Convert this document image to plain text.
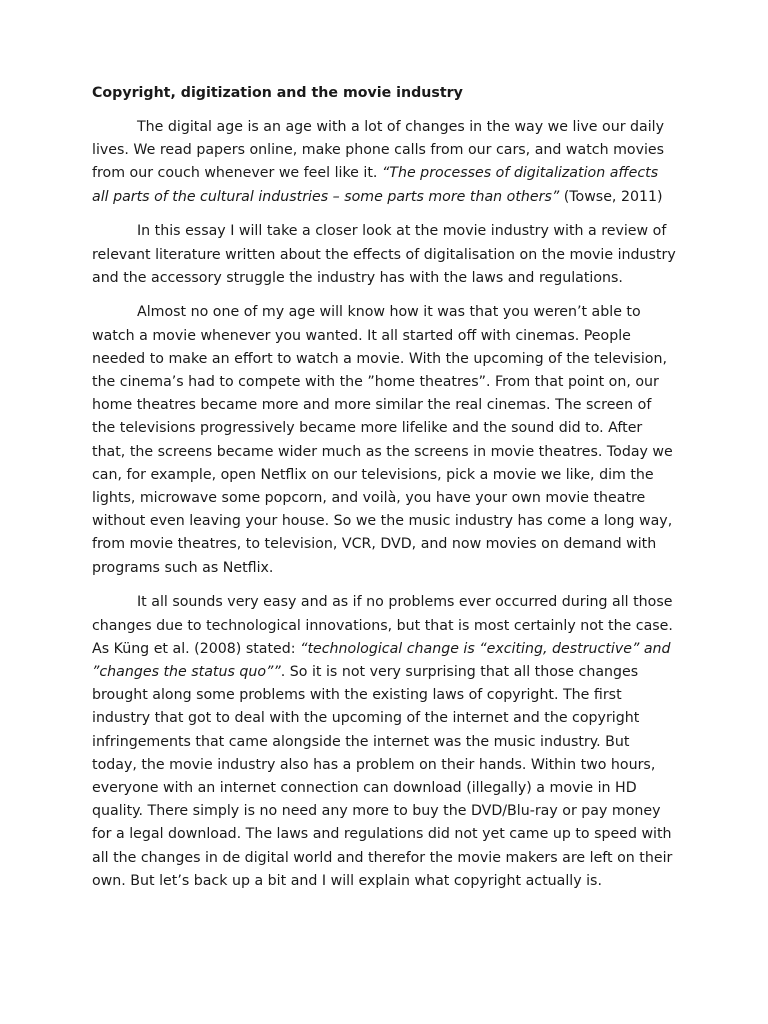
Copyright, digitization and the movie industry

The digital age is an age with a lot of changes in the way we live our daily lives. We read papers online, make phone calls from our cars, and watch movies from our couch whenever we feel like it. “The processes of digitalization affects all parts of the cultural industries – some parts more than others” (Towse, 2011)

In this essay I will take a closer look at the movie industry with a review of relevant literature written about the effects of digitalisation on the movie industry and the accessory struggle the industry has with the laws and regulations.

Almost no one of my age will know how it was that you weren’t able to watch a movie whenever you wanted. It all started off with cinemas. People needed to make an effort to watch a movie. With the upcoming of the television, the cinema’s had to compete with the ”home theatres”. From that point on, our home theatres became more and more similar the real cinemas. The screen of the televisions progressively became more lifelike and the sound did to. After that, the screens became wider much as the screens in movie theatres. Today we can, for example, open Netflix on our televisions, pick a movie we like, dim the lights, microwave some popcorn, and voilà, you have your own movie theatre without even leaving your house. So we the music industry has come a long way, from movie theatres, to television, VCR, DVD, and now movies on demand with programs such as Netflix.

It all sounds very easy and as if no problems ever occurred during all those changes due to technological innovations, but that is most certainly not the case. As Küng et al. (2008) stated: “technological change is “exciting, destructive” and ”changes the status quo””. So it is not very surprising that all those changes brought along some problems with the existing laws of copyright. The first industry that got to deal with the upcoming of the internet and the copyright infringements that came alongside the internet was the music industry. But today, the movie industry also has a problem on their hands. Within two hours, everyone with an internet connection can download (illegally) a movie in HD quality. There simply is no need any more to buy the DVD/Blu-ray or pay money for a legal download. The laws and regulations did not yet came up to speed with all the changes in de digital world and therefor the movie makers are left on their own. But let’s back up a bit and I will explain what copyright actually is.
